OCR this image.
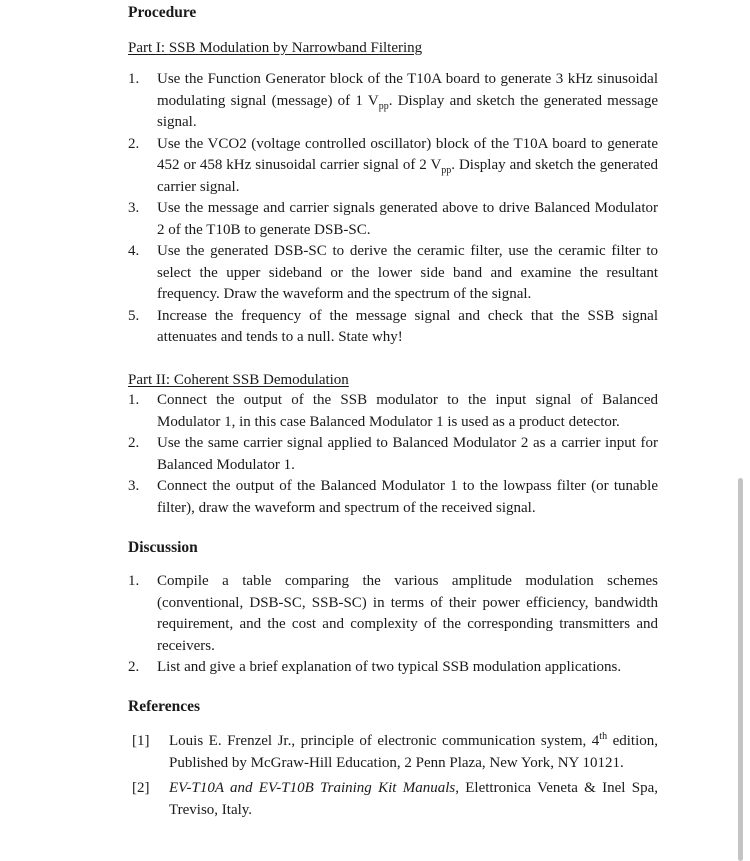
Procedure
Part I: SSB Modulation by Narrowband Filtering
1.	Use the Function Generator block of the T10A board to generate 3 kHz sinusoidal modulating signal (message) of 1 $V_{pp}$. Display and sketch the generated message signal.
2.	Use the VCO2 (voltage controlled oscillator) block of the T10A board to generate 452 or 458 kHz sinusoidal carrier signal of 2 $V_{pp}$. Display and sketch the generated carrier signal.
3.	Use the message and carrier signals generated above to drive Balanced Modulator 2 of the T10B to generate DSB-SC.
4.	Use the generated DSB-SC to derive the ceramic filter, use the ceramic filter to select the upper sideband or the lower side band and examine the resultant frequency. Draw the waveform and the spectrum of the signal.
5.	Increase the frequency of the message signal and check that the SSB signal attenuates and tends to a null. State why!
Part II: Coherent SSB Demodulation
1.	Connect the output of the SSB modulator to the input signal of Balanced Modulator 1, in this case Balanced Modulator 1 is used as a product detector.
2.	Use the same carrier signal applied to Balanced Modulator 2 as a carrier input for Balanced Modulator 1.
3.	Connect the output of the Balanced Modulator 1 to the lowpass filter (or tunable filter), draw the waveform and spectrum of the received signal.
Discussion
1.	Compile a table comparing the various amplitude modulation schemes (conventional, DSB-SC, SSB-SC) in terms of their power efficiency, bandwidth requirement, and the cost and complexity of the corresponding transmitters and receivers.
2.	List and give a brief explanation of two typical SSB modulation applications.
References
[1] Louis E. Frenzel Jr., principle of electronic communication system, 4th edition, Published by McGraw-Hill Education, 2 Penn Plaza, New York, NY 10121.
[2] EV-T10A and EV-T10B Training Kit Manuals, Elettronica Veneta & Inel Spa, Treviso, Italy.
